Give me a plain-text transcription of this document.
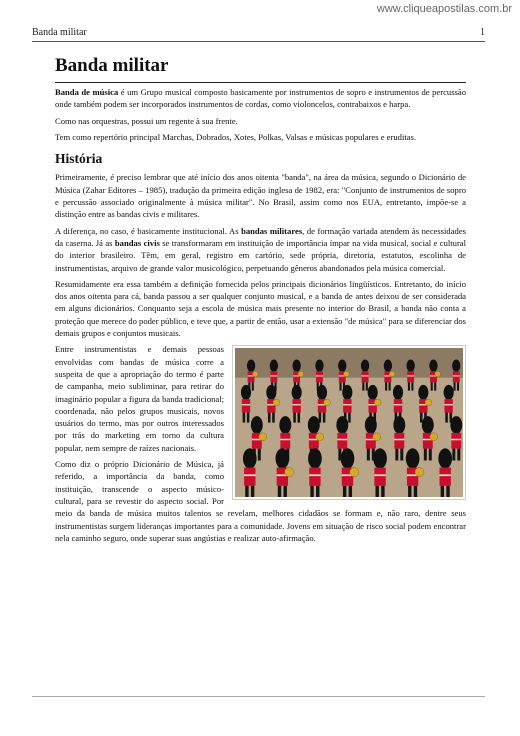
www.cliqueapostilas.com.br
Banda militar	1
Banda militar

Banda de música é um Grupo musical composto basicamente por instrumentos de sopro e instrumentos de percussão onde também podem ser incorporados instrumentos de cordas, como violoncelos, contrabaixos e harpa.

Como nas orquestras, possui um regente à sua frente.

Tem como repertório principal Marchas, Dobrados, Xotes, Polkas, Valsas e músicas populares e eruditas.

História

Primeiramente, é preciso lembrar que até início dos anos oitenta "banda", na área da música, segundo o Dicionário de Música (Zahar Editores – 1985), tradução da primeira edição inglesa de 1982, era: "Conjunto de instrumentos de sopro e percussão associado originalmente à música militar". No Brasil, assim como nos EUA, entretanto, impõe-se a distinção entre as bandas civis e militares.

A diferença, no caso, é basicamente institucional. As bandas militares, de formação variada atendem às necessidades da caserna. Já as bandas civis se transformaram em instituição de importância ímpar na vida musical, social e cultural do interior brasileiro. Têm, em geral, registro em cartório, sede própria, diretoria, estatutos, escolinha de instrumentistas, arquivo de grande valor musicológico, perpetuando gêneros abandonados pela música comercial.

Resumidamente era essa também a definição fornecida pelos principais dicionários lingüísticos. Entretanto, do início dos anos oitenta para cá, banda passou a ser qualquer conjunto musical, e a banda de antes deixou de ser considerada em alguns dicionários. Conquanto seja a escola de música mais presente no interior do Brasil, a banda não conta a proteção que merece do poder público, e teve que, a partir de então, usar a extensão "de música" para se diferenciar dos demais grupos e conjuntos musicais.

Entre instrumentistas e demais pessoas envolvidas com bandas de música corre a suspeita de que a apropriação do termo é parte de campanha, meio subliminar, para retirar do imaginário popular a figura da banda tradicional; coordenada, não pelos grupos musicais, novos usuários do termo, mas por outros interessados por trás do marketing em torno da cultura popular, nem sempre de raízes nacionais.

Como diz o próprio Dicionário de Música, já referido, a importância da banda, como instituição, transcende o aspecto músico-cultural, para se revestir do aspecto social. Por meio da banda de música muitos talentos se revelam, melhores cidadãos se formam e, não raro, dentre seus instrumentistas surgem lideranças importantes para a comunidade. Jovens em situação de risco social podem encontrar nela caminho seguro, onde superar suas angústias e realizar auto-afirmação.
